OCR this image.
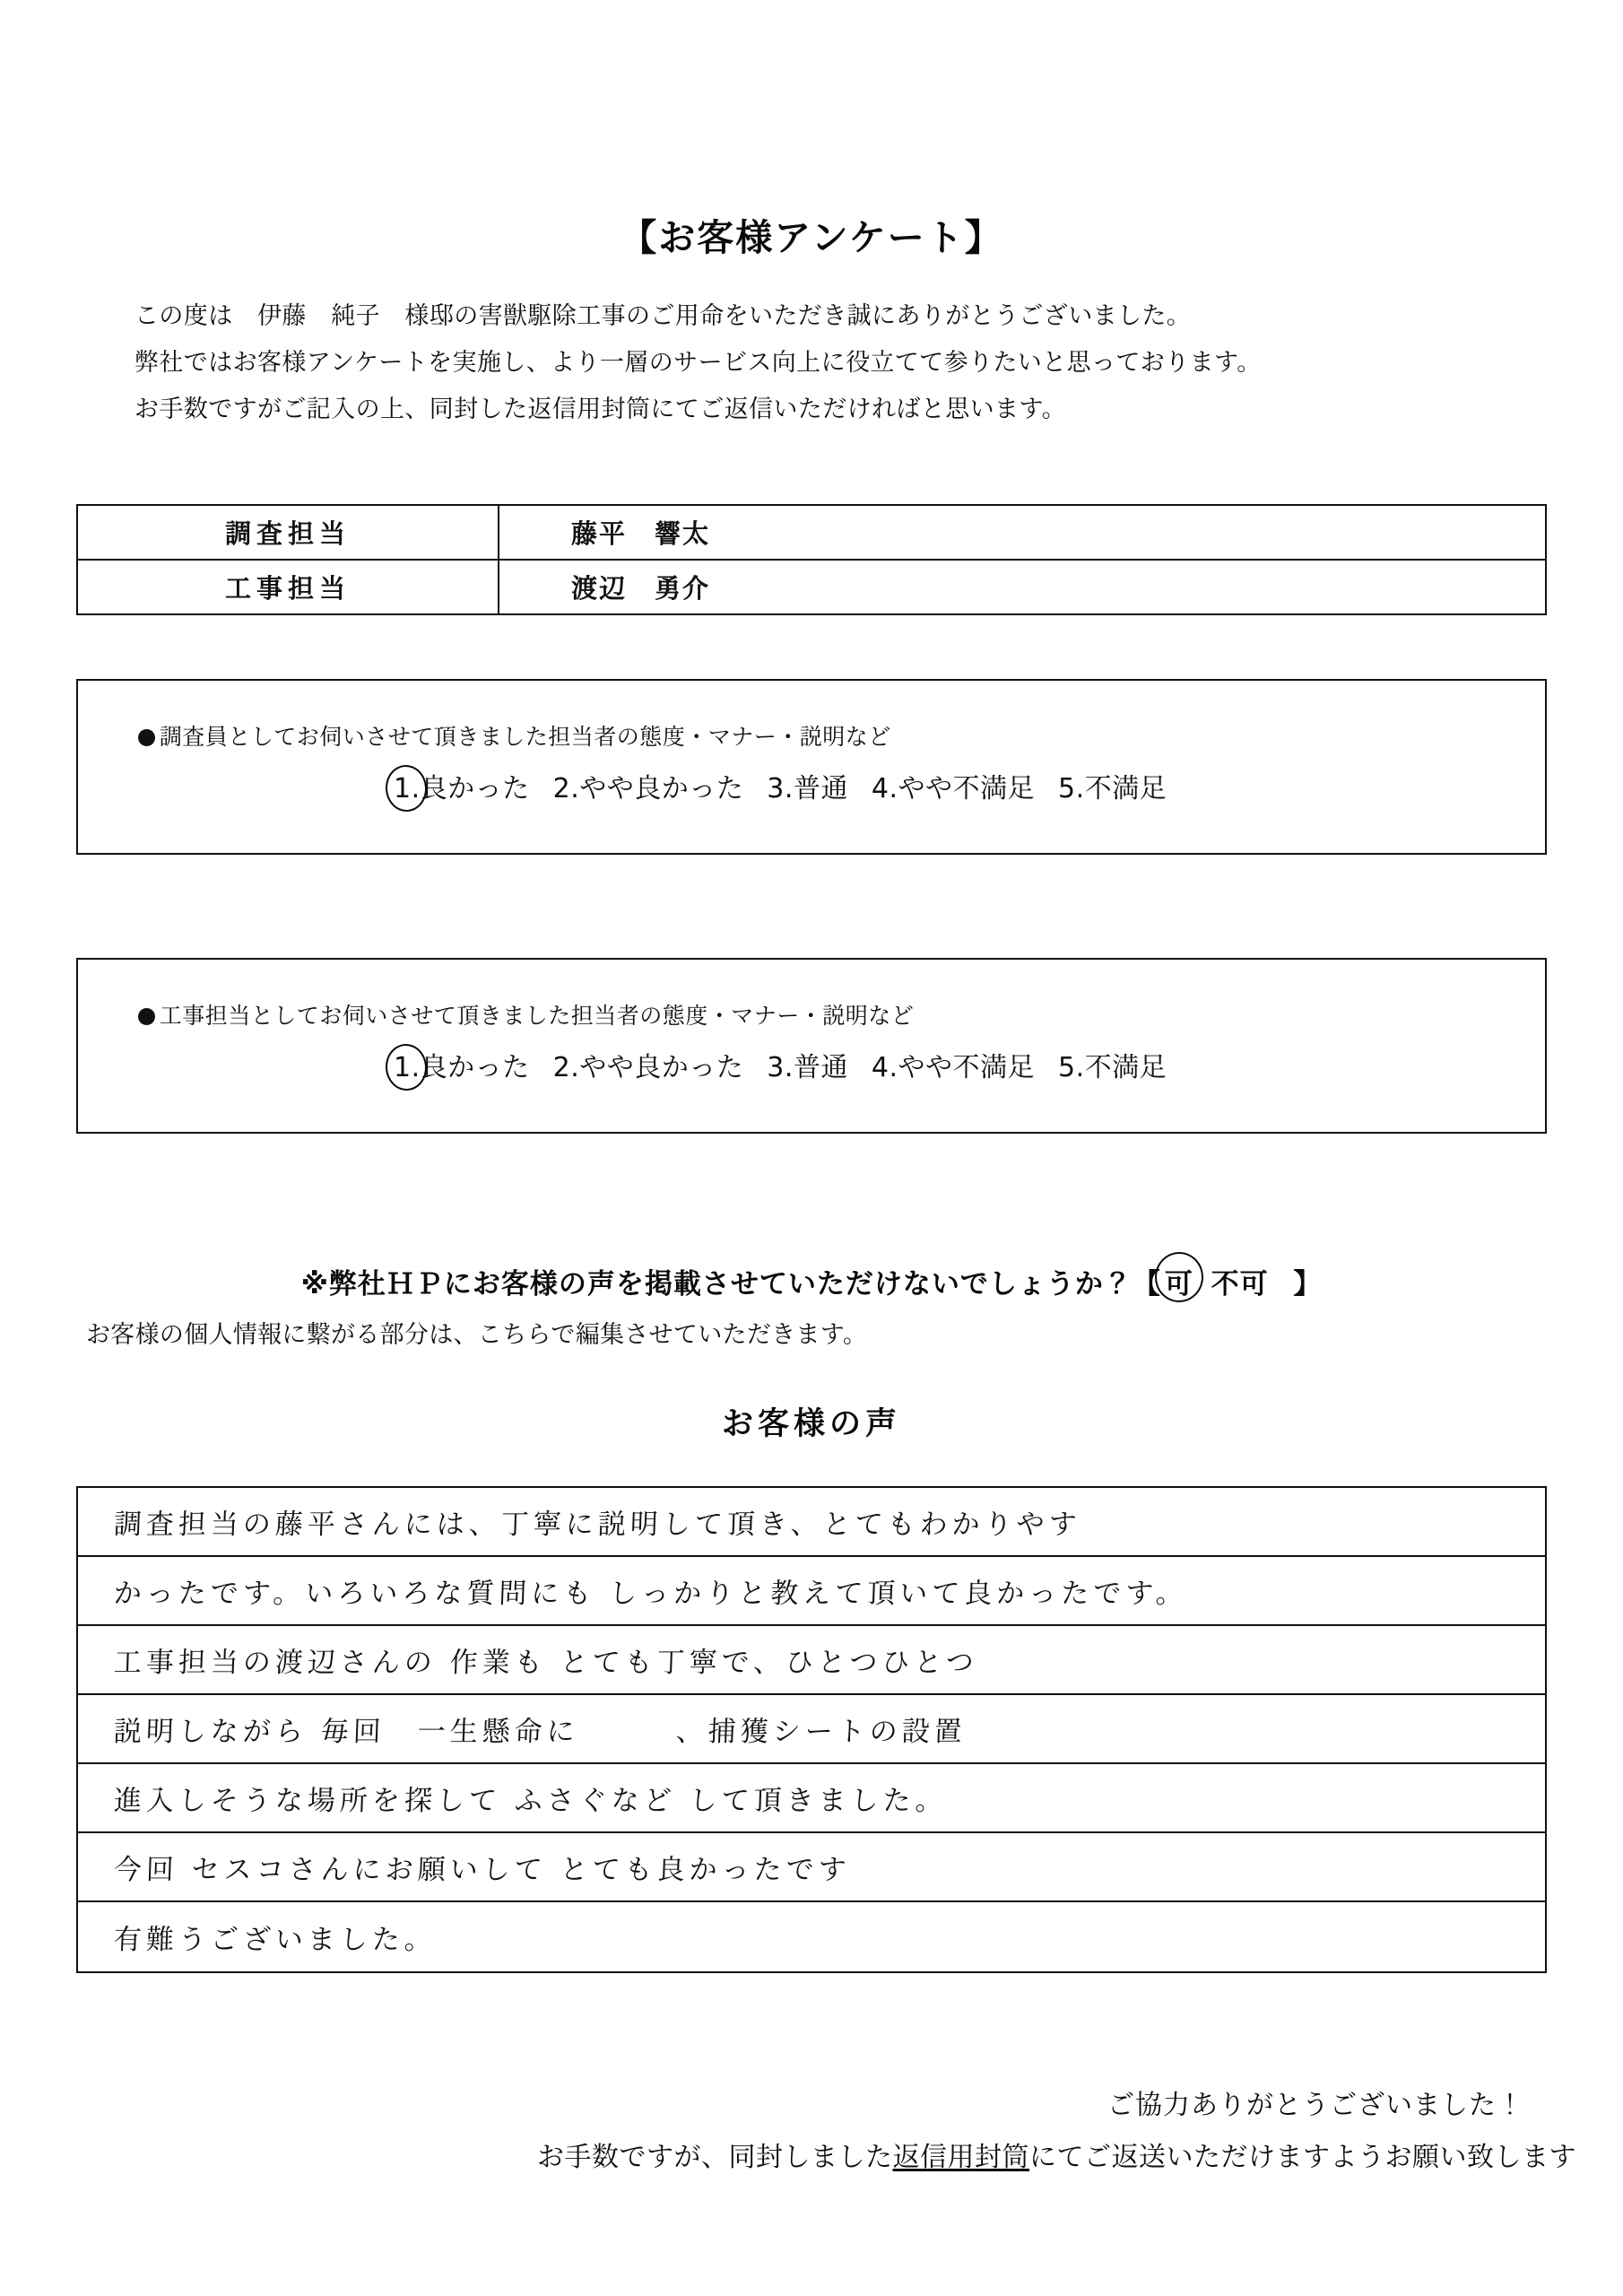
【お客様アンケート】
この度は　伊藤　純子　様邸の害獣駆除工事のご用命をいただき誠にありがとうございました。
弊社ではお客様アンケートを実施し、より一層のサービス向上に役立てて参りたいと思っております。
お手数ですがご記入の上、同封した返信用封筒にてご返信いただければと思います。
調査担当	藤平　響太
工事担当	渡辺　勇介

調査員としてお伺いさせて頂きました担当者の態度・マナー・説明など

1.良かった 2.やや良かった 3.普通 4.やや不満足 5.不満足

工事担当としてお伺いさせて頂きました担当者の態度・マナー・説明など

1.良かった 2.やや良かった 3.普通 4.やや不満足 5.不満足
※弊社ＨＰにお客様の声を掲載させていただけないでしょうか？【 可 不可 】
お客様の個人情報に繋がる部分は、こちらで編集させていただきます。
お客様の声
調査担当の藤平さんには、丁寧に説明して頂き、とてもわかりやす
かったです。いろいろな質問にも しっかりと教えて頂いて良かったです。
工事担当の渡辺さんの 作業も とても丁寧で、ひとつひとつ
説明しながら 毎回　一生懸命に　　　、捕獲シートの設置
進入しそうな場所を探して ふさぐなど して頂きました。
今回 セスコさんにお願いして とても良かったです
有難うございました。
ご協力ありがとうございました！
お手数ですが、同封しました返信用封筒にてご返送いただけますようお願い致します
